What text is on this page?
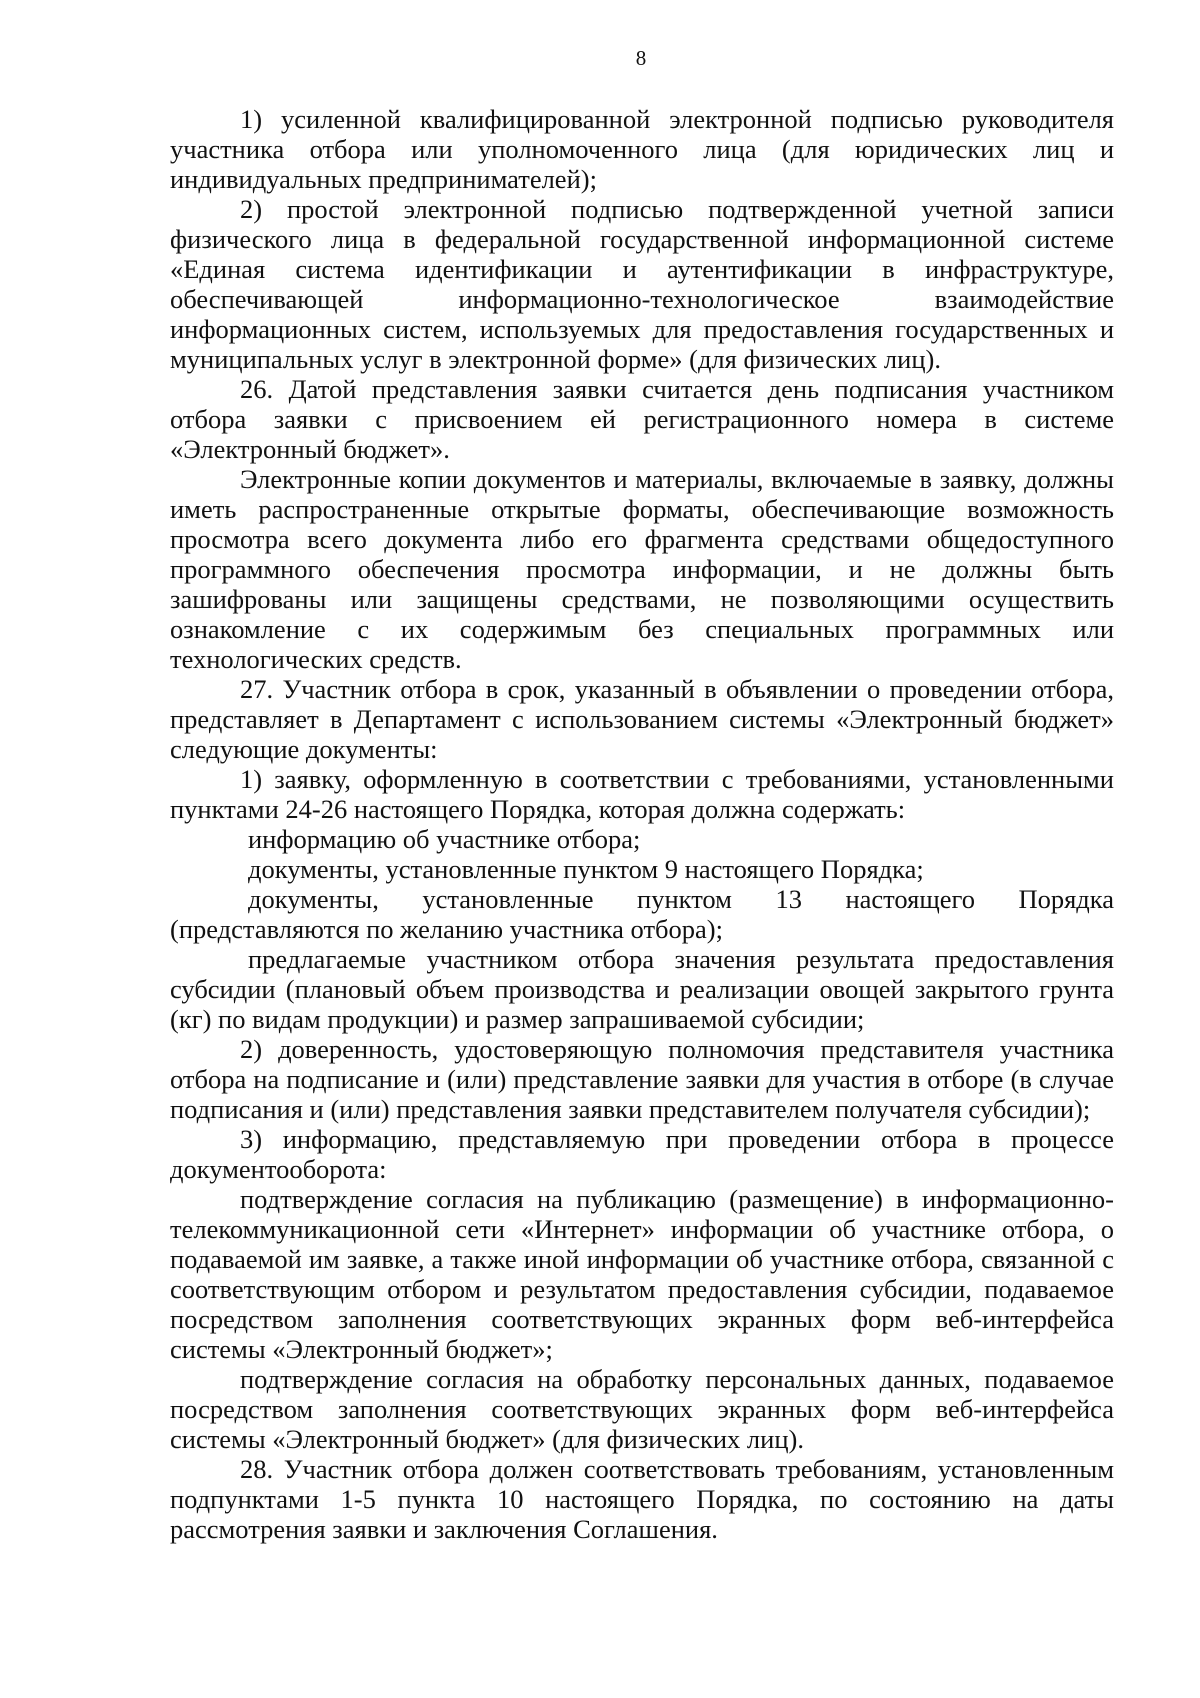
8

1) усиленной квалифицированной электронной подписью руководителя участника отбора или уполномоченного лица (для юридических лиц и индивидуальных предпринимателей);

2) простой электронной подписью подтвержденной учетной записи физического лица в федеральной государственной информационной системе «Единая система идентификации и аутентификации в инфраструктуре, обеспечивающей информационно-технологическое взаимодействие информационных систем, используемых для предоставления государственных и муниципальных услуг в электронной форме» (для физических лиц).

26. Датой представления заявки считается день подписания участником отбора заявки с присвоением ей регистрационного номера в системе «Электронный бюджет».

Электронные копии документов и материалы, включаемые в заявку, должны иметь распространенные открытые форматы, обеспечивающие возможность просмотра всего документа либо его фрагмента средствами общедоступного программного обеспечения просмотра информации, и не должны быть зашифрованы или защищены средствами, не позволяющими осуществить ознакомление с их содержимым без специальных программных или технологических средств.

27. Участник отбора в срок, указанный в объявлении о проведении отбора, представляет в Департамент с использованием системы «Электронный бюджет» следующие документы:

1) заявку, оформленную в соответствии с требованиями, установленными пунктами 24-26 настоящего Порядка, которая должна содержать:

информацию об участнике отбора;

документы, установленные пунктом 9 настоящего Порядка;

документы, установленные пунктом 13 настоящего Порядка (представляются по желанию участника отбора);

предлагаемые участником отбора значения результата предоставления субсидии (плановый объем производства и реализации овощей закрытого грунта (кг) по видам продукции) и размер запрашиваемой субсидии;

2) доверенность, удостоверяющую полномочия представителя участника отбора на подписание и (или) представление заявки для участия в отборе (в случае подписания и (или) представления заявки представителем получателя субсидии);

3) информацию, представляемую при проведении отбора в процессе документооборота:

подтверждение согласия на публикацию (размещение) в информационно-телекоммуникационной сети «Интернет» информации об участнике отбора, о подаваемой им заявке, а также иной информации об участнике отбора, связанной с соответствующим отбором и результатом предоставления субсидии, подаваемое посредством заполнения соответствующих экранных форм веб-интерфейса системы «Электронный бюджет»;

подтверждение согласия на обработку персональных данных, подаваемое посредством заполнения соответствующих экранных форм веб-интерфейса системы «Электронный бюджет» (для физических лиц).

28. Участник отбора должен соответствовать требованиям, установленным подпунктами 1-5 пункта 10 настоящего Порядка, по состоянию на даты рассмотрения заявки и заключения Соглашения.
